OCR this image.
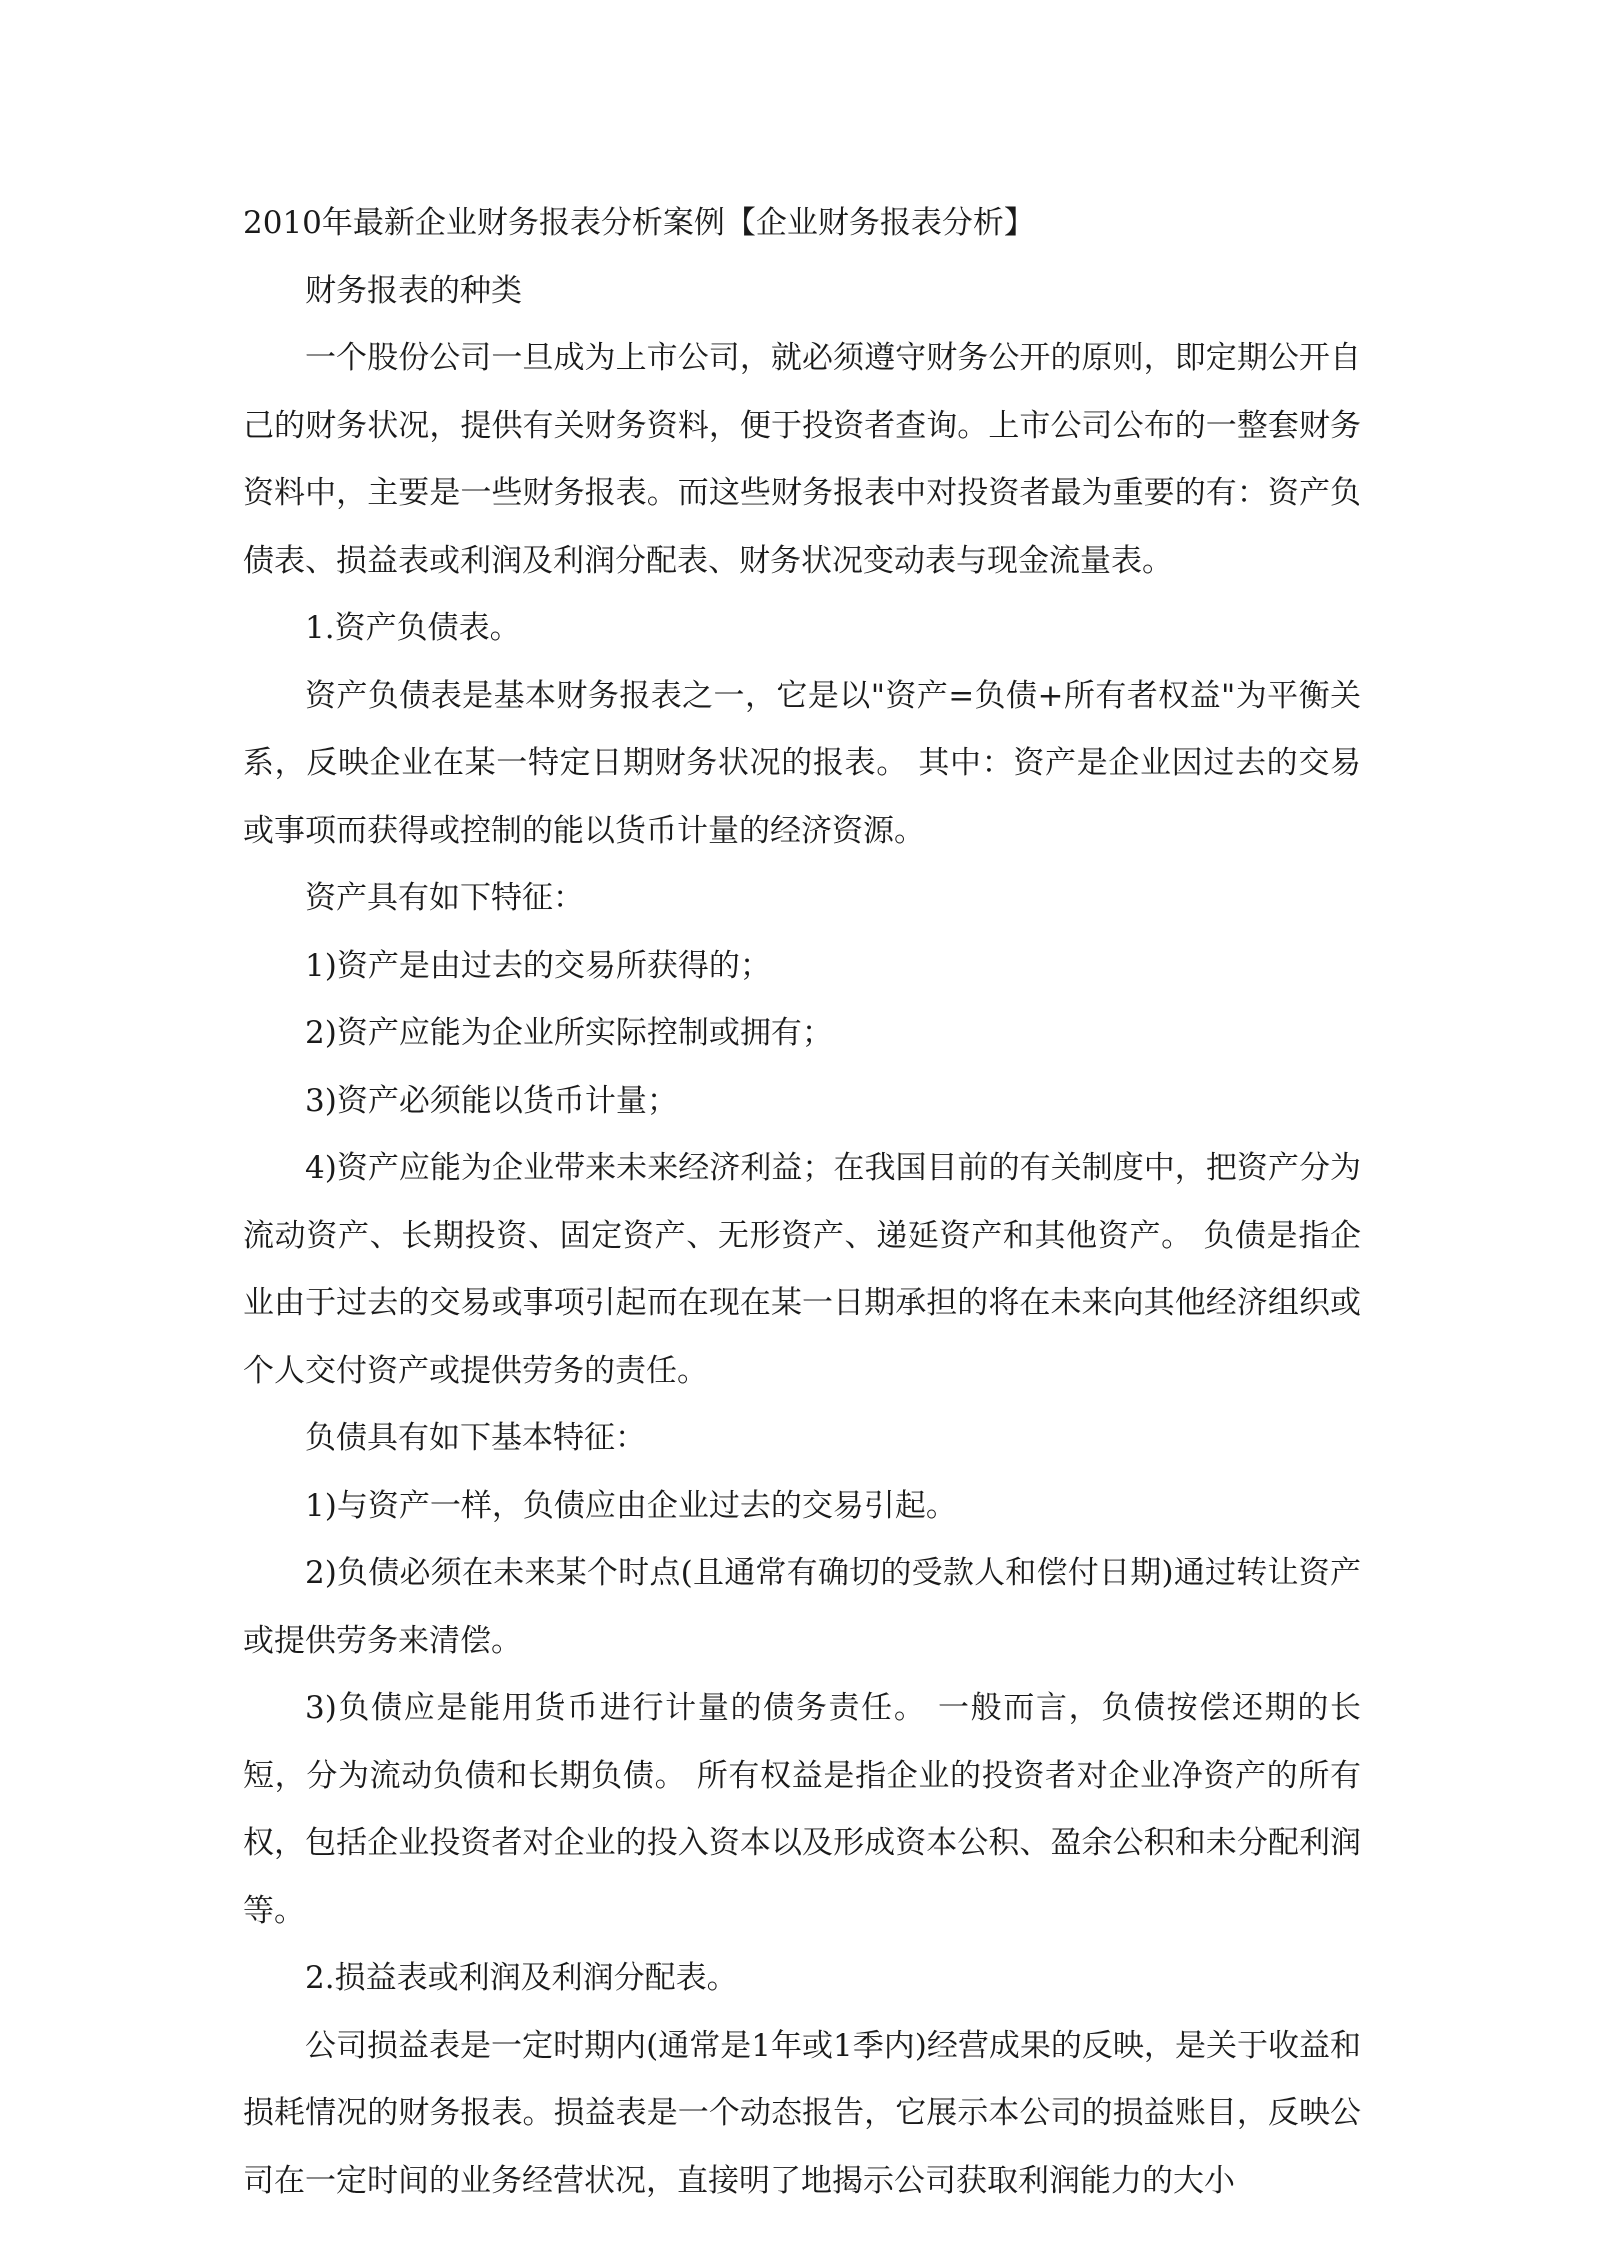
2010年最新企业财务报表分析案例【企业财务报表分析】

财务报表的种类

一个股份公司一旦成为上市公司，就必须遵守财务公开的原则，即定期公开自己的财务状况，提供有关财务资料，便于投资者查询。上市公司公布的一整套财务资料中，主要是一些财务报表。而这些财务报表中对投资者最为重要的有：资产负债表、损益表或利润及利润分配表、财务状况变动表与现金流量表。

1.资产负债表。

资产负债表是基本财务报表之一，它是以"资产=负债+所有者权益"为平衡关系，反映企业在某一特定日期财务状况的报表。 其中：资产是企业因过去的交易或事项而获得或控制的能以货币计量的经济资源。

资产具有如下特征：

1)资产是由过去的交易所获得的；

2)资产应能为企业所实际控制或拥有；

3)资产必须能以货币计量；

4)资产应能为企业带来未来经济利益；在我国目前的有关制度中，把资产分为流动资产、长期投资、固定资产、无形资产、递延资产和其他资产。 负债是指企业由于过去的交易或事项引起而在现在某一日期承担的将在未来向其他经济组织或个人交付资产或提供劳务的责任。

负债具有如下基本特征：

1)与资产一样，负债应由企业过去的交易引起。

2)负债必须在未来某个时点(且通常有确切的受款人和偿付日期)通过转让资产或提供劳务来清偿。

3)负债应是能用货币进行计量的债务责任。 一般而言，负债按偿还期的长短，分为流动负债和长期负债。 所有权益是指企业的投资者对企业净资产的所有权，包括企业投资者对企业的投入资本以及形成资本公积、盈余公积和未分配利润等。

2.损益表或利润及利润分配表。

公司损益表是一定时期内(通常是1年或1季内)经营成果的反映，是关于收益和损耗情况的财务报表。损益表是一个动态报告，它展示本公司的损益账目，反映公司在一定时间的业务经营状况，直接明了地揭示公司获取利润能力的大小
